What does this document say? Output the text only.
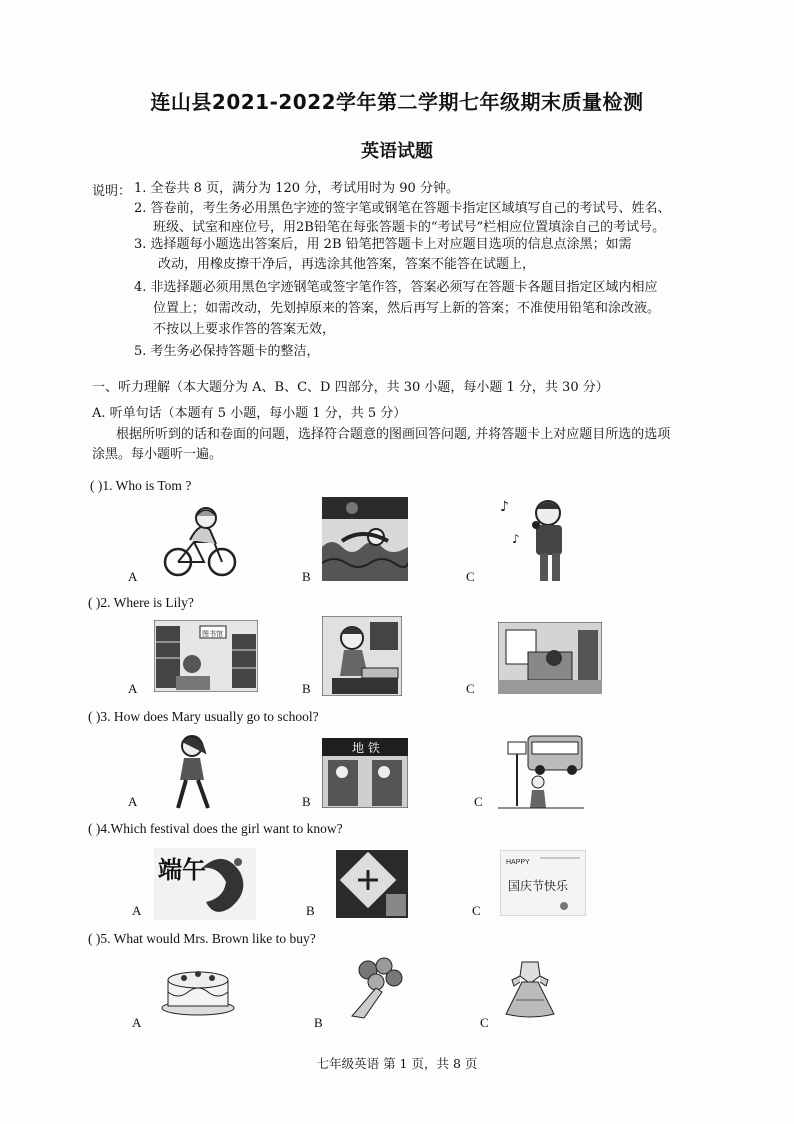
连山县2021-2022学年第二学期七年级期末质量检测
英语试题
说明： 1. 全卷共 8 页，满分为 120 分，考试用时为 90 分钟。
2. 答卷前，考生务必用黑色字迹的签字笔或钢笔在答题卡指定区域填写自己的考试号、姓名、
班级、试室和座位号，用2B铅笔在每张答题卡的“考试号”栏相应位置填涂自己的考试号。
3. 选择题每小题选出答案后，用 2B 铅笔把答题卡上对应题目选项的信息点涂黑；如需
改动，用橡皮擦干净后，再选涂其他答案，答案不能答在试题上，
4. 非选择题必须用黑色字迹钢笔或签字笔作答，答案必须写在答题卡各题目指定区域内相应
位置上；如需改动，先划掉原来的答案，然后再写上新的答案；不准使用铅笔和涂改液。
不按以上要求作答的答案无效，
5. 考生务必保持答题卡的整洁，
一、听力理解（本大题分为 A、B、C、D 四部分，共 30 小题，每小题 1 分，共 30 分）
A. 听单句话（本题有 5 小题，每小题 1 分，共 5 分）
根据所听到的话和卷面的问题，选择符合题意的图画回答问题, 并将答题卡上对应题目所选的选项
涂黑。每小题听一遍。
( )1. Who is Tom ?
♪
♪
A	B	C
( )2. Where is Lily?
图书馆
A	B	C
( )3. How does Mary usually go to school?
地 铁
A	B	C
( )4.Which festival does the girl want to know?
端午	HAPPY
国庆节快乐
A	B	C
( )5. What would Mrs. Brown like to buy?
A	B	C
七年级英语 第 1 页，共 8 页
